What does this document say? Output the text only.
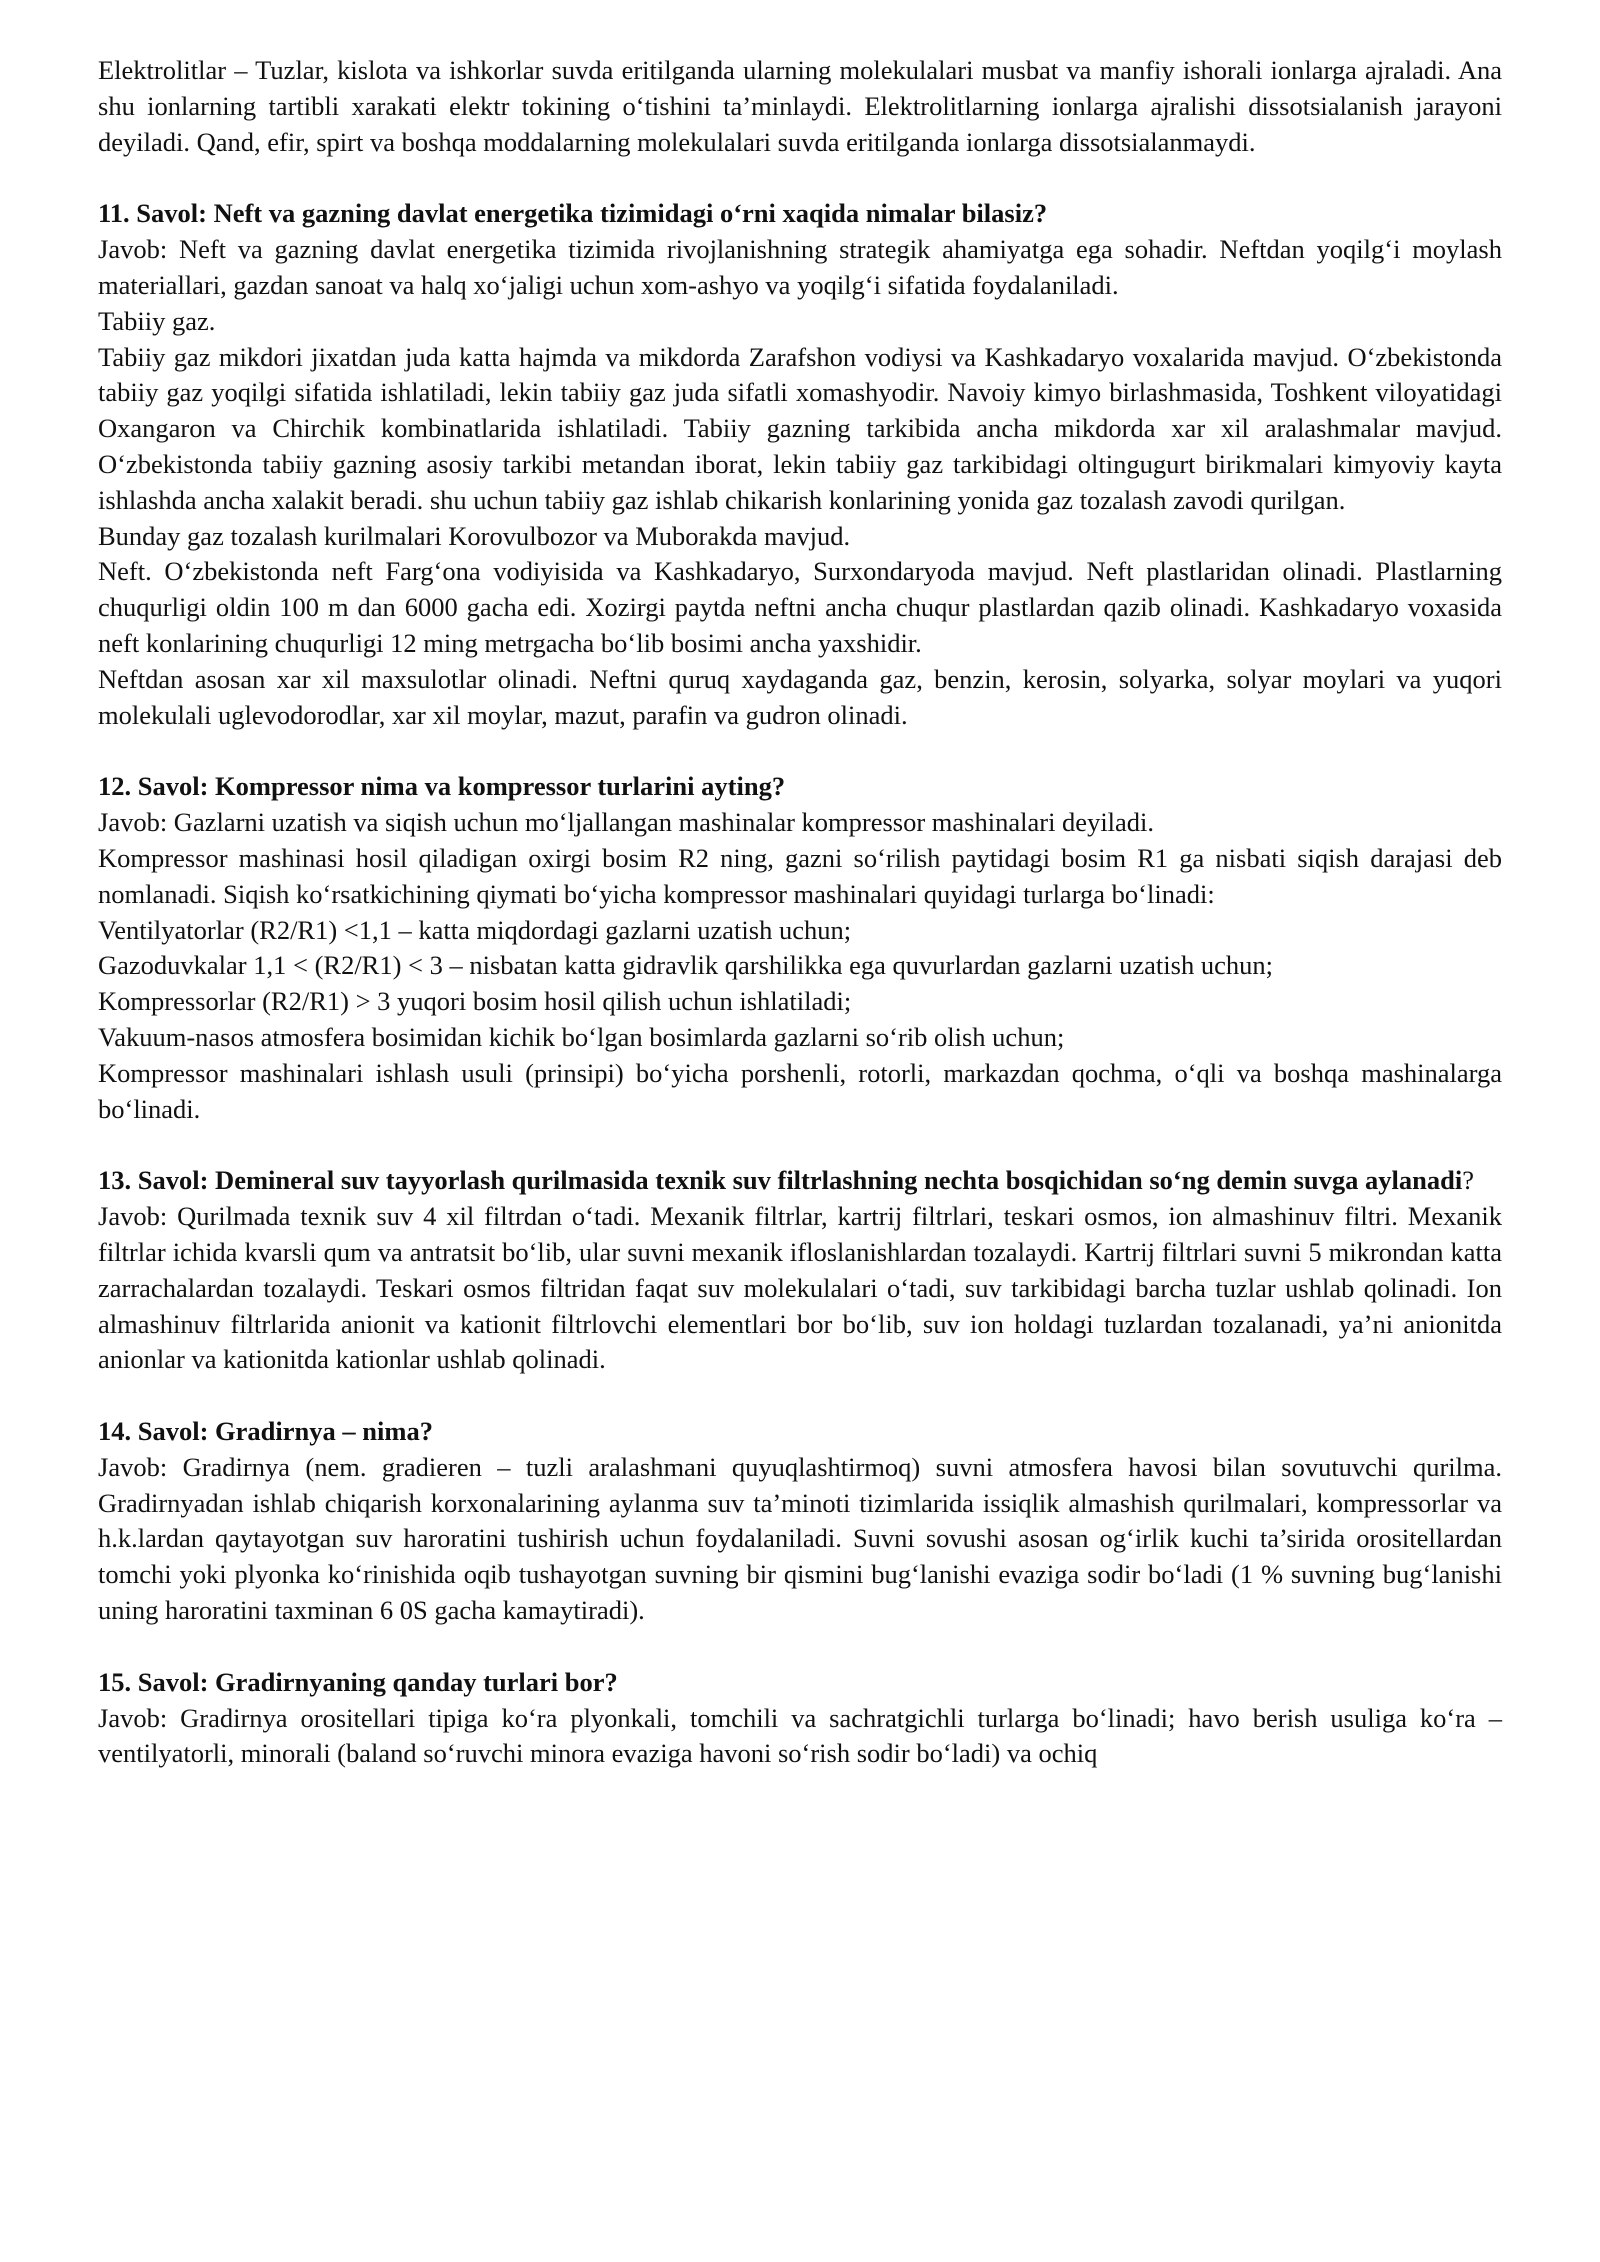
Elektrolitlar – Tuzlar, kislota va ishkorlar suvda eritilganda ularning molekulalari musbat va manfiy ishorali ionlarga ajraladi. Ana shu ionlarning tartibli xarakati elektr tokining o‘tishini ta’minlaydi. Elektrolitlarning ionlarga ajralishi dissotsialanish jarayoni deyiladi. Qand, efir, spirt va boshqa moddalarning molekulalari suvda eritilganda ionlarga dissotsialanmaydi.

11. Savol: Neft va gazning davlat energetika tizimidagi o‘rni xaqida nimalar bilasiz?

Javob: Neft va gazning davlat energetika tizimida rivojlanishning strategik ahamiyatga ega sohadir. Neftdan yoqilg‘i moylash materiallari, gazdan sanoat va halq xo‘jaligi uchun xom-ashyo va yoqilg‘i sifatida foydalaniladi.

Tabiiy gaz.

Tabiiy gaz mikdori jixatdan juda katta hajmda va mikdorda Zarafshon vodiysi va Kashkadaryo voxalarida mavjud. O‘zbekistonda tabiiy gaz yoqilgi sifatida ishlatiladi, lekin tabiiy gaz juda sifatli xomashyodir. Navoiy kimyo birlashmasida, Toshkent viloyatidagi Oxangaron va Chirchik kombinatlarida ishlatiladi. Tabiiy gazning tarkibida ancha mikdorda xar xil aralashmalar mavjud. O‘zbekistonda tabiiy gazning asosiy tarkibi metandan iborat, lekin tabiiy gaz tarkibidagi oltingugurt birikmalari kimyoviy kayta ishlashda ancha xalakit beradi. shu uchun tabiiy gaz ishlab chikarish konlarining yonida gaz tozalash zavodi qurilgan.

Bunday gaz tozalash kurilmalari Korovulbozor va Muborakda mavjud.

Neft. O‘zbekistonda neft Farg‘ona vodiyisida va Kashkadaryo, Surxondaryoda mavjud. Neft plastlaridan olinadi. Plastlarning chuqurligi oldin 100 m dan 6000 gacha edi. Xozirgi paytda neftni ancha chuqur plastlardan qazib olinadi. Kashkadaryo voxasida neft konlarining chuqurligi 12 ming metrgacha bo‘lib bosimi ancha yaxshidir.

Neftdan asosan xar xil maxsulotlar olinadi. Neftni quruq xaydaganda gaz, benzin, kerosin, solyarka, solyar moylari va yuqori molekulali uglevodorodlar, xar xil moylar, mazut, parafin va gudron olinadi.

12. Savol: Kompressor nima va kompressor turlarini ayting?

Javob: Gazlarni uzatish va siqish uchun mo‘ljallangan mashinalar kompressor mashinalari deyiladi.

Kompressor mashinasi hosil qiladigan oxirgi bosim R2 ning, gazni so‘rilish paytidagi bosim R1 ga nisbati siqish darajasi deb nomlanadi. Siqish ko‘rsatkichining qiymati bo‘yicha kompressor mashinalari quyidagi turlarga bo‘linadi:

Ventilyatorlar (R2/R1) <1,1 – katta miqdordagi gazlarni uzatish uchun;

Gazoduvkalar 1,1 < (R2/R1) < 3 – nisbatan katta gidravlik qarshilikka ega quvurlardan gazlarni uzatish uchun;

Kompressorlar (R2/R1) > 3 yuqori bosim hosil qilish uchun ishlatiladi;

Vakuum-nasos atmosfera bosimidan kichik bo‘lgan bosimlarda gazlarni so‘rib olish uchun;

Kompressor mashinalari ishlash usuli (prinsipi) bo‘yicha porshenli, rotorli, markazdan qochma, o‘qli va boshqa mashinalarga bo‘linadi.

13. Savol: Demineral suv tayyorlash qurilmasida texnik suv filtrlashning nechta bosqichidan so‘ng demin suvga aylanadi?

Javob: Qurilmada texnik suv 4 xil filtrdan o‘tadi. Mexanik filtrlar, kartrij filtrlari, teskari osmos, ion almashinuv filtri. Mexanik filtrlar ichida kvarsli qum va antratsit bo‘lib, ular suvni mexanik ifloslanishlardan tozalaydi. Kartrij filtrlari suvni 5 mikrondan katta zarrachalardan tozalaydi. Teskari osmos filtridan faqat suv molekulalari o‘tadi, suv tarkibidagi barcha tuzlar ushlab qolinadi. Ion almashinuv filtrlarida anionit va kationit filtrlovchi elementlari bor bo‘lib, suv ion holdagi tuzlardan tozalanadi, ya’ni anionitda anionlar va kationitda kationlar ushlab qolinadi.

14. Savol: Gradirnya – nima?

Javob: Gradirnya (nem. gradieren – tuzli aralashmani quyuqlashtirmoq) suvni atmosfera havosi bilan sovutuvchi qurilma. Gradirnyadan ishlab chiqarish korxonalarining aylanma suv ta’minoti tizimlarida issiqlik almashish qurilmalari, kompressorlar va h.k.lardan qaytayotgan suv haroratini tushirish uchun foydalaniladi. Suvni sovushi asosan og‘irlik kuchi ta’sirida orositellardan tomchi yoki plyonka ko‘rinishida oqib tushayotgan suvning bir qismini bug‘lanishi evaziga sodir bo‘ladi (1 % suvning bug‘lanishi uning haroratini taxminan 6 0S gacha kamaytiradi).

15. Savol: Gradirnyaning qanday turlari bor?

Javob: Gradirnya orositellari tipiga ko‘ra plyonkali, tomchili va sachratgichli turlarga bo‘linadi; havo berish usuliga ko‘ra – ventilyatorli, minorali (baland so‘ruvchi minora evaziga havoni so‘rish sodir bo‘ladi) va ochiq
